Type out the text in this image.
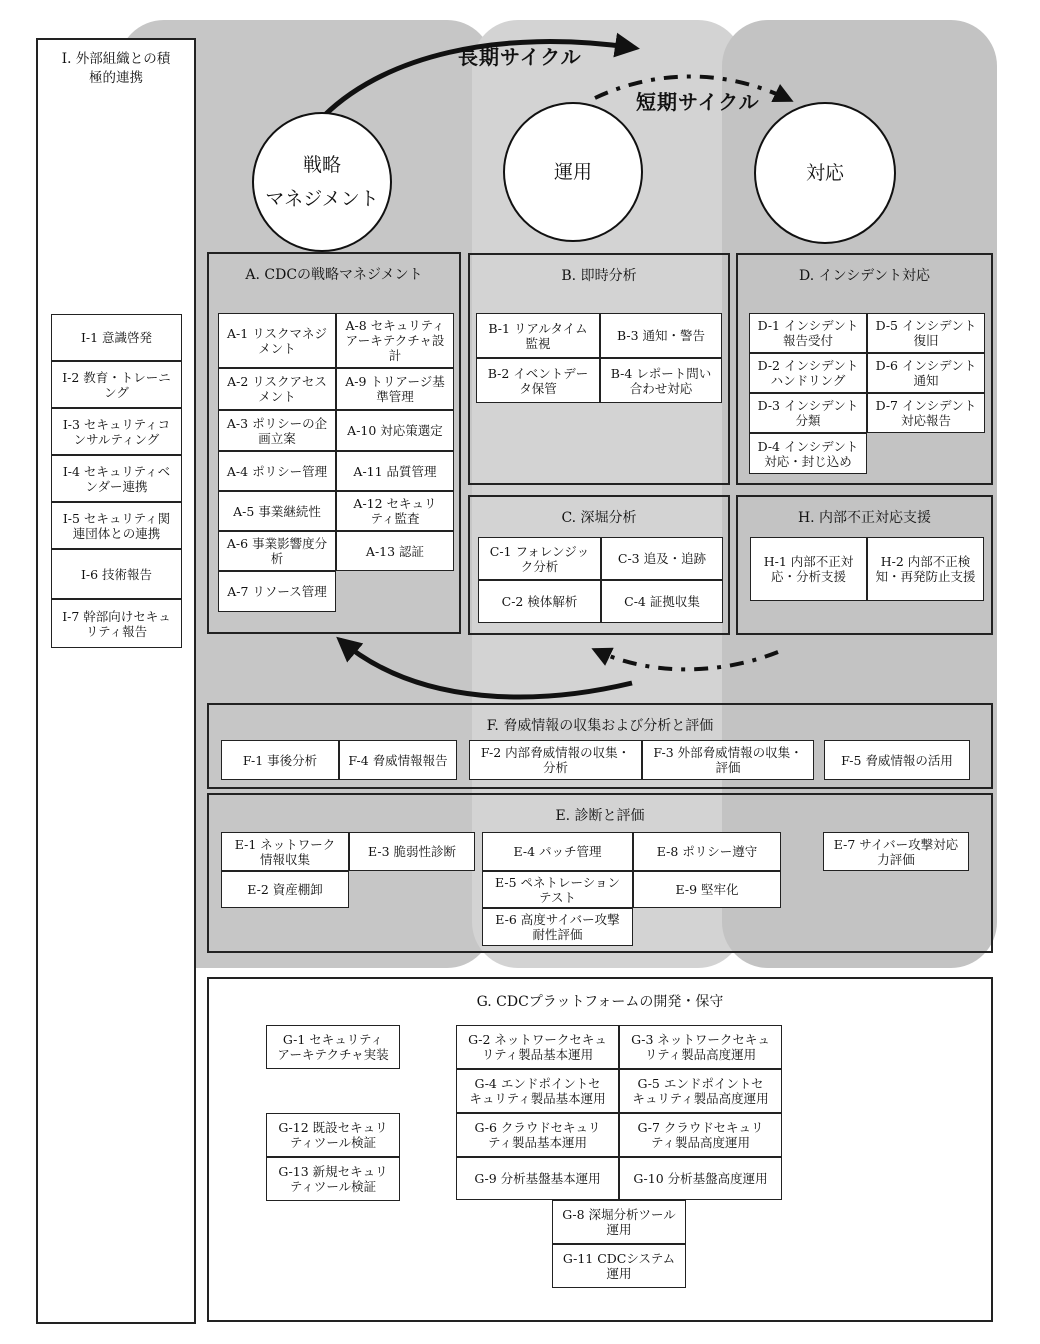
長期サイクル
短期サイクル
戦略
マネジメント
運用	対応
I. 外部組織との積
極的連携
I-1 意識啓発
I-2 教育・トレーニ
ング
I-3 セキュリティコ
ンサルティング
I-4 セキュリティベ
ンダー連携
I-5 セキュリティ関
連団体との連携
I-6 技術報告
I-7 幹部向けセキュ
リティ報告
A. CDCの戦略マネジメント
A-1 リスクマネジ
メント
A-2 リスクアセス
メント
A-3 ポリシーの企
画立案
A-4 ポリシー管理
A-5 事業継続性
A-6 事業影響度分
析
A-7 リソース管理
A-8 セキュリティ
アーキテクチャ設
計
A-9 トリアージ基
準管理
A-10 対応策選定
A-11 品質管理
A-12 セキュリ
ティ監査
A-13 認証
B. 即時分析
B-1 リアルタイム
監視	B-3 通知・警告
B-2 イベントデー
タ保管
B-4 レポート問い
合わせ対応
C. 深堀分析
C-1 フォレンジッ
ク分析	C-3 追及・追跡
C-2 検体解析	C-4 証拠収集
D. インシデント対応
D-1 インシデント
報告受付
D-5 インシデント
復旧
D-2 インシデント
ハンドリング
D-6 インシデント
通知
D-3 インシデント
分類
D-7 インシデント
対応報告
D-4 インシデント
対応・封じ込め
H. 内部不正対応支援
H-1 内部不正対
応・分析支援
H-2 内部不正検
知・再発防止支援
F. 脅威情報の収集および分析と評価
F-1 事後分析	F-4 脅威情報報告	F-2 内部脅威情報の収集・
分析
F-3 外部脅威情報の収集・
評価	F-5 脅威情報の活用
E. 診断と評価
E-1 ネットワーク
情報収集	E-3 脆弱性診断
E-2 資産棚卸
E-4 パッチ管理	E-8 ポリシー遵守
E-5 ペネトレーション
テスト	E-9 堅牢化
E-6 高度サイバー攻撃
耐性評価
E-7 サイバー攻撃対応
力評価
G. CDCプラットフォームの開発・保守
G-1 セキュリティ
アーキテクチャ実装
G-12 既設セキュリ
ティツール検証
G-13 新規セキュリ
ティツール検証
G-2 ネットワークセキュ
リティ製品基本運用
G-3 ネットワークセキュ
リティ製品高度運用
G-4 エンドポイントセ
キュリティ製品基本運用
G-5 エンドポイントセ
キュリティ製品高度運用
G-6 クラウドセキュリ
ティ製品基本運用
G-7 クラウドセキュリ
ティ製品高度運用
G-9 分析基盤基本運用	G-10 分析基盤高度運用
G-8 深堀分析ツール
運用
G-11 CDCシステム
運用
